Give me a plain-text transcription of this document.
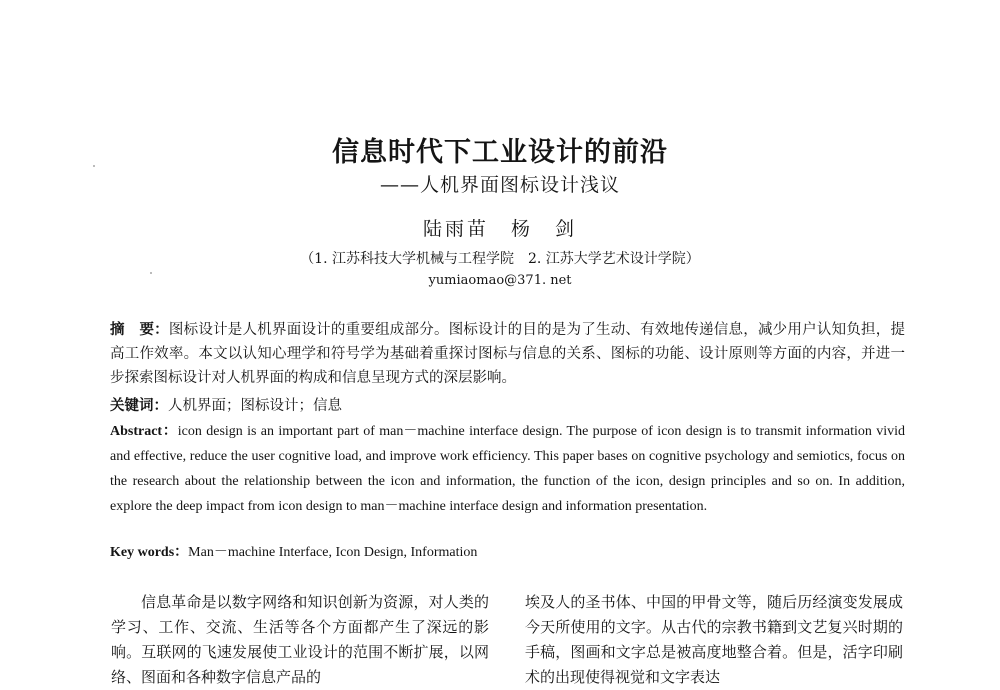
信息时代下工业设计的前沿
——人机界面图标设计浅议
陆雨苗　杨　剑
（1. 江苏科技大学机械与工程学院　2. 江苏大学艺术设计学院）
yumiaomao@371. net
摘　要：图标设计是人机界面设计的重要组成部分。图标设计的目的是为了生动、有效地传递信息，减少用户认知负担，提高工作效率。本文以认知心理学和符号学为基础着重探讨图标与信息的关系、图标的功能、设计原则等方面的内容，并进一步探索图标设计对人机界面的构成和信息呈现方式的深层影响。
关键词：人机界面；图标设计；信息
Abstract：icon design is an important part of man－machine interface design. The purpose of icon design is to transmit information vivid and effective, reduce the user cognitive load, and improve work efficiency. This paper bases on cognitive psychology and semiotics, focus on the research about the relationship between the icon and information, the function of the icon, design principles and so on. In addition, explore the deep impact from icon design to man－machine interface design and information presentation.
Key words：Man－machine Interface, Icon Design, Information
信息革命是以数字网络和知识创新为资源，对人类的学习、工作、交流、生活等各个方面都产生了深远的影响。互联网的飞速发展使工业设计的范围不断扩展，以网络、图面和各种数字信息产品的
埃及人的圣书体、中国的甲骨文等，随后历经演变发展成今天所使用的文字。从古代的宗教书籍到文艺复兴时期的手稿，图画和文字总是被高度地整合着。但是，活字印刷术的出现使得视觉和文字表达
